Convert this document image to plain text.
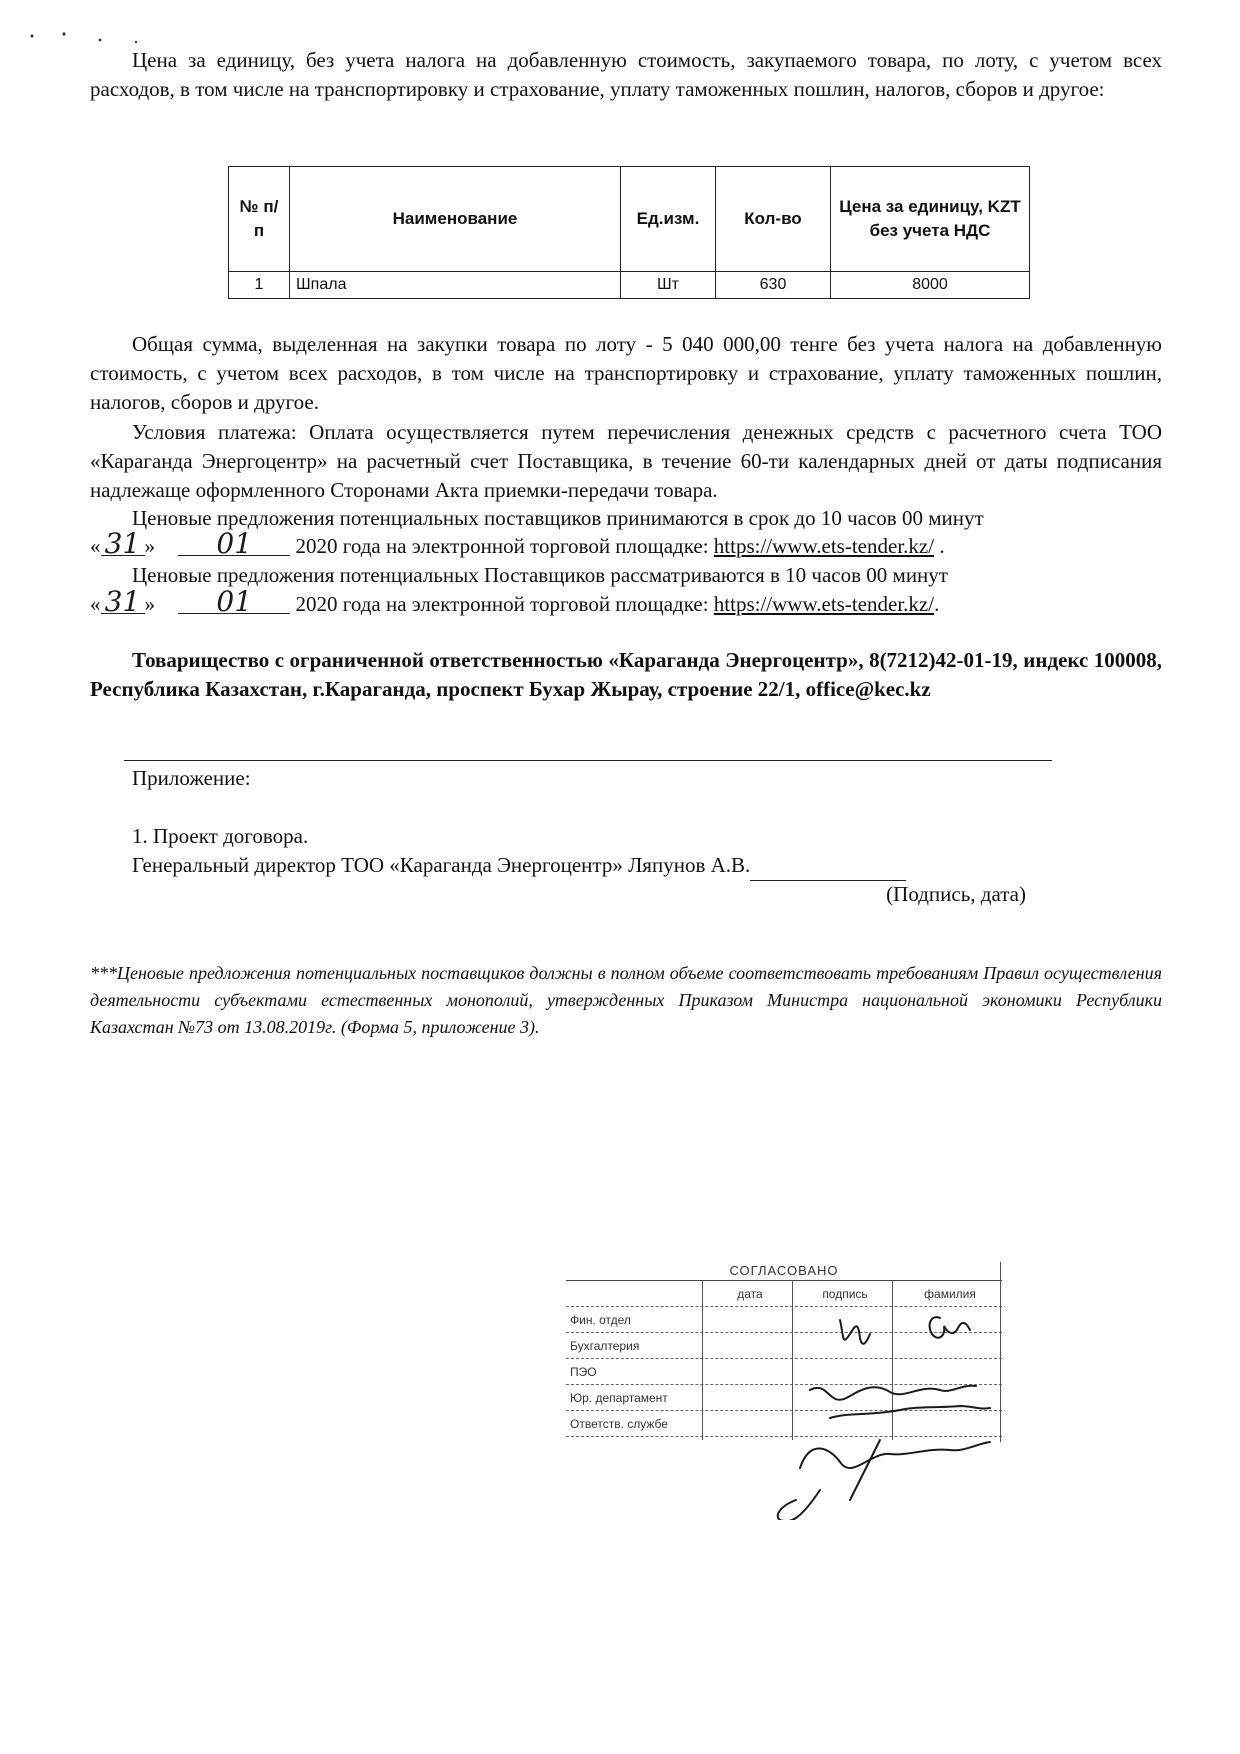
Цена за единицу, без учета налога на добавленную стоимость, закупаемого товара, по лоту, с учетом всех расходов, в том числе на транспортировку и страхование, уплату таможенных пошлин, налогов, сборов и другое:

№ п/п	Наименование	Ед.изм.	Кол-во	Цена за единицу, KZT без учета НДС
1	Шпала	Шт	630	8000

Общая сумма, выделенная на закупки товара по лоту - 5 040 000,00 тенге без учета налога на добавленную стоимость, с учетом всех расходов, в том числе на транспортировку и страхование, уплату таможенных пошлин, налогов, сборов и другое.

Условия платежа: Оплата осуществляется путем перечисления денежных средств с расчетного счета ТОО «Караганда Энергоцентр» на расчетный счет Поставщика, в течение 60-ти календарных дней от даты подписания надлежаще оформленного Сторонами Акта приемки-передачи товара.

Ценовые предложения потенциальных поставщиков принимаются в срок до 10 часов 00 минут

« 31 » 01 2020 года на электронной торговой площадке: https://www.ets-tender.kz/ .

Ценовые предложения потенциальных Поставщиков рассматриваются в 10 часов 00 минут

« 31 » 01 2020 года на электронной торговой площадке: https://www.ets-tender.kz/.

Товарищество с ограниченной ответственностью «Караганда Энергоцентр», 8(7212)42-01-19, индекс 100008, Республика Казахстан, г.Караганда, проспект Бухар Жырау, строение 22/1, office@kec.kz

Приложение:

1. Проект договора.

Генеральный директор ТОО «Караганда Энергоцентр» Ляпунов А.В.

(Подпись, дата)

***Ценовые предложения потенциальных поставщиков должны в полном объеме соответствовать требованиям Правил осуществления деятельности субъектами естественных монополий, утвержденных Приказом Министра национальной экономики Республики Казахстан №73 от 13.08.2019г. (Форма 5, приложение 3).

СОГЛАСОВАНО
дата	подпись	фамилия
Фин. отдел
Бухгалтерия
ПЭО
Юр. департамент
Ответств. службе
